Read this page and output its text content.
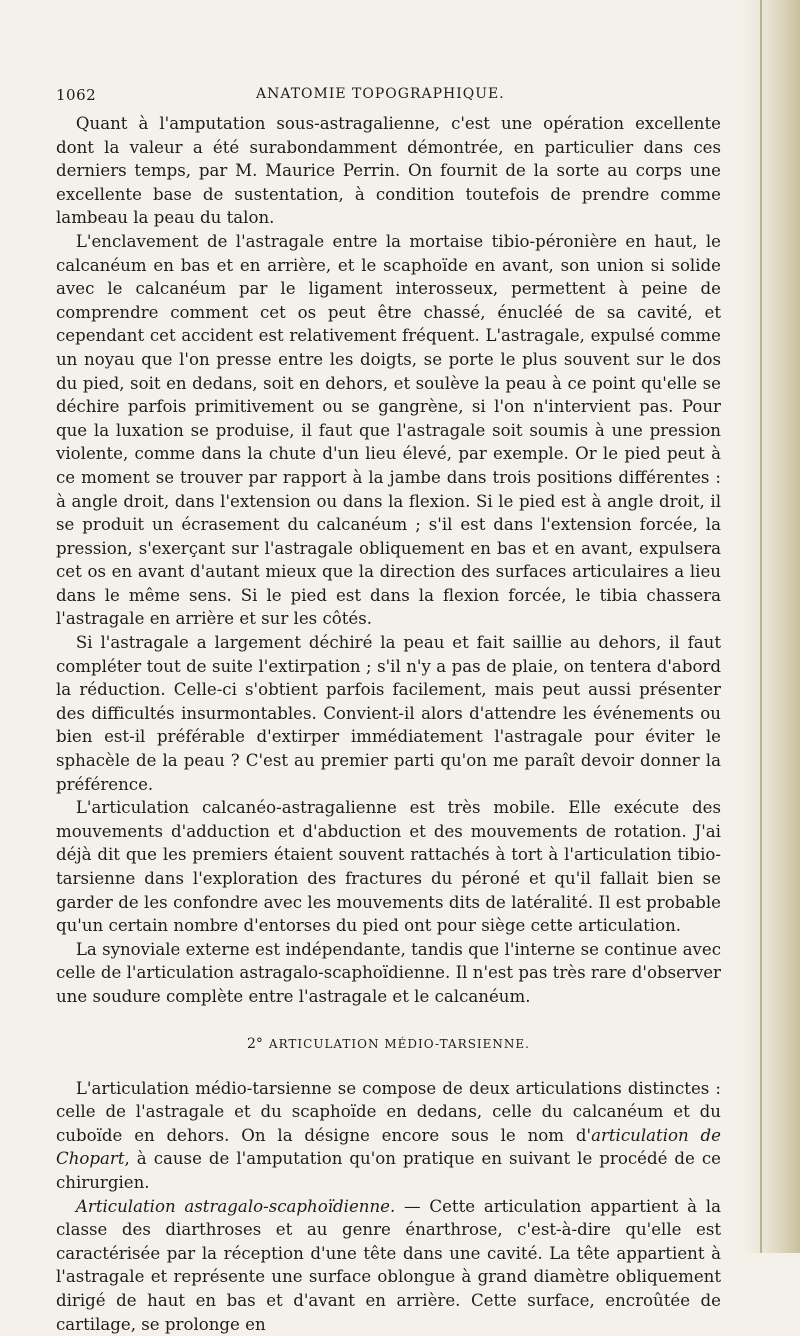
1062	ANATOMIE TOPOGRAPHIQUE.

Quant à l'amputation sous-astragalienne, c'est une opération excellente dont la valeur a été surabondamment démontrée, en particulier dans ces derniers temps, par M. Maurice Perrin. On fournit de la sorte au corps une excellente base de sustentation, à condition toutefois de prendre comme lambeau la peau du talon.

L'enclavement de l'astragale entre la mortaise tibio-péronière en haut, le calcanéum en bas et en arrière, et le scaphoïde en avant, son union si solide avec le calcanéum par le ligament interosseux, permettent à peine de comprendre comment cet os peut être chassé, énucléé de sa cavité, et cependant cet accident est relativement fréquent. L'astragale, expulsé comme un noyau que l'on presse entre les doigts, se porte le plus souvent sur le dos du pied, soit en dedans, soit en dehors, et soulève la peau à ce point qu'elle se déchire parfois primitivement ou se gangrène, si l'on n'intervient pas. Pour que la luxation se produise, il faut que l'astragale soit soumis à une pression violente, comme dans la chute d'un lieu élevé, par exemple. Or le pied peut à ce moment se trouver par rapport à la jambe dans trois positions différentes : à angle droit, dans l'extension ou dans la flexion. Si le pied est à angle droit, il se produit un écrasement du calcanéum ; s'il est dans l'extension forcée, la pression, s'exerçant sur l'astragale obliquement en bas et en avant, expulsera cet os en avant d'autant mieux que la direction des surfaces articulaires a lieu dans le même sens. Si le pied est dans la flexion forcée, le tibia chassera l'astragale en arrière et sur les côtés.

Si l'astragale a largement déchiré la peau et fait saillie au dehors, il faut compléter tout de suite l'extirpation ; s'il n'y a pas de plaie, on tentera d'abord la réduction. Celle-ci s'obtient parfois facilement, mais peut aussi présenter des difficultés insurmontables. Convient-il alors d'attendre les événements ou bien est-il préférable d'extirper immédiatement l'astragale pour éviter le sphacèle de la peau ? C'est au premier parti qu'on me paraît devoir donner la préférence.

L'articulation calcanéo-astragalienne est très mobile. Elle exécute des mouvements d'adduction et d'abduction et des mouvements de rotation. J'ai déjà dit que les premiers étaient souvent rattachés à tort à l'articulation tibio-tarsienne dans l'exploration des fractures du péroné et qu'il fallait bien se garder de les confondre avec les mouvements dits de latéralité. Il est probable qu'un certain nombre d'entorses du pied ont pour siège cette articulation.

La synoviale externe est indépendante, tandis que l'interne se continue avec celle de l'articulation astragalo-scaphoïdienne. Il n'est pas très rare d'observer une soudure complète entre l'astragale et le calcanéum.

2° ARTICULATION MÉDIO-TARSIENNE.

L'articulation médio-tarsienne se compose de deux articulations distinctes : celle de l'astragale et du scaphoïde en dedans, celle du calcanéum et du cuboïde en dehors. On la désigne encore sous le nom d'articulation de Chopart, à cause de l'amputation qu'on pratique en suivant le procédé de ce chirurgien.

Articulation astragalo-scaphoïdienne. — Cette articulation appartient à la classe des diarthroses et au genre énarthrose, c'est-à-dire qu'elle est caractérisée par la réception d'une tête dans une cavité. La tête appartient à l'astragale et représente une surface oblongue à grand diamètre obliquement dirigé de haut en bas et d'avant en arrière. Cette surface, encroûtée de cartilage, se prolonge en
